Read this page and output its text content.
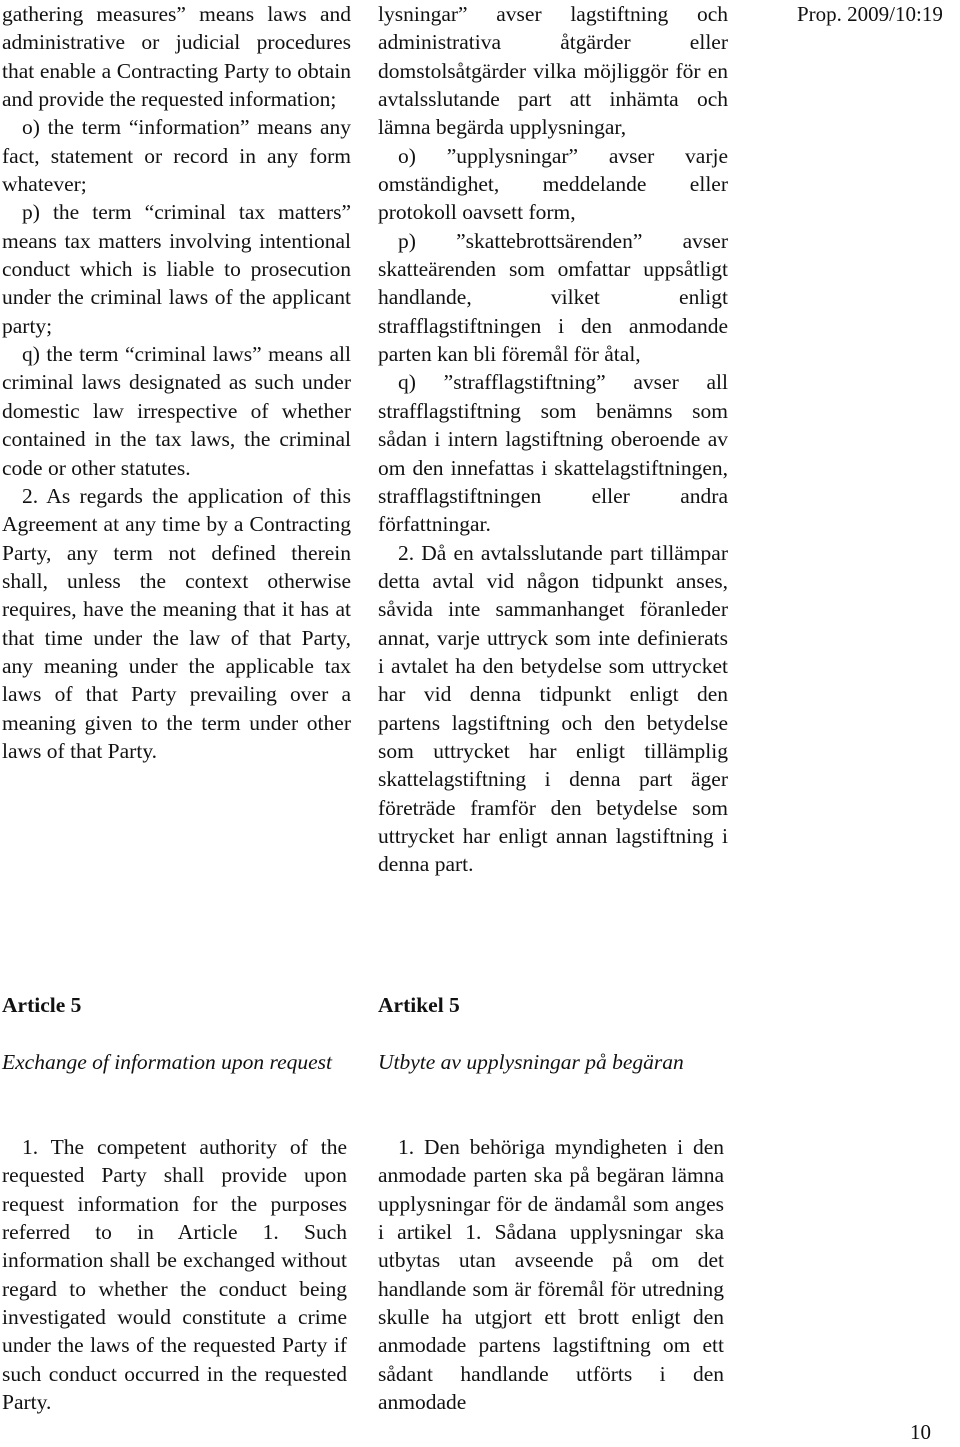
Prop. 2009/10:19

gathering measures” means laws and administrative or judicial procedures that enable a Contracting Party to obtain and provide the requested information;

o) the term “information” means any fact, statement or record in any form whatever;

p) the term “criminal tax matters” means tax matters involving intentional conduct which is liable to prosecution under the criminal laws of the applicant party;

q) the term “criminal laws” means all criminal laws designated as such under domestic law irrespective of whether contained in the tax laws, the criminal code or other statutes.

2. As regards the application of this Agreement at any time by a Contracting Party, any term not defined therein shall, unless the context otherwise requires, have the meaning that it has at that time under the law of that Party, any meaning under the applicable tax laws of that Party prevailing over a meaning given to the term under other laws of that Party.

lysningar” avser lagstiftning och administrativa åtgärder eller domstolsåtgärder vilka möjliggör för en avtalsslutande part att inhämta och lämna begärda upplysningar,

o) ”upplysningar” avser varje omständighet, meddelande eller protokoll oavsett form,

p) ”skattebrottsärenden” avser skatteärenden som omfattar uppsåtligt handlande, vilket enligt strafflagstiftningen i den anmodande parten kan bli föremål för åtal,

q) ”strafflagstiftning” avser all strafflagstiftning som benämns som sådan i intern lagstiftning oberoende av om den innefattas i skattelagstiftningen, strafflagstiftningen eller andra författningar.

2. Då en avtalsslutande part tillämpar detta avtal vid någon tidpunkt anses, såvida inte sammanhanget föranleder annat, varje uttryck som inte definierats i avtalet ha den betydelse som uttrycket har vid denna tidpunkt enligt den partens lagstiftning och den betydelse som uttrycket har enligt tillämplig skattelagstiftning i denna part äger företräde framför den betydelse som uttrycket har enligt annan lagstiftning i denna part.

Article 5	Artikel 5
Exchange of information upon request	Utbyte av upplysningar på begäran

1. The competent authority of the requested Party shall provide upon request information for the purposes referred to in Article 1. Such information shall be exchanged without regard to whether the conduct being investigated would constitute a crime under the laws of the requested Party if such conduct occurred in the requested Party.

1. Den behöriga myndigheten i den anmodade parten ska på begäran lämna upplysningar för de ändamål som anges i artikel 1. Sådana upplysningar ska utbytas utan avseende på om det handlande som är föremål för utredning skulle ha utgjort ett brott enligt den anmodade partens lagstiftning om ett sådant handlande utförts i den anmodade

10
